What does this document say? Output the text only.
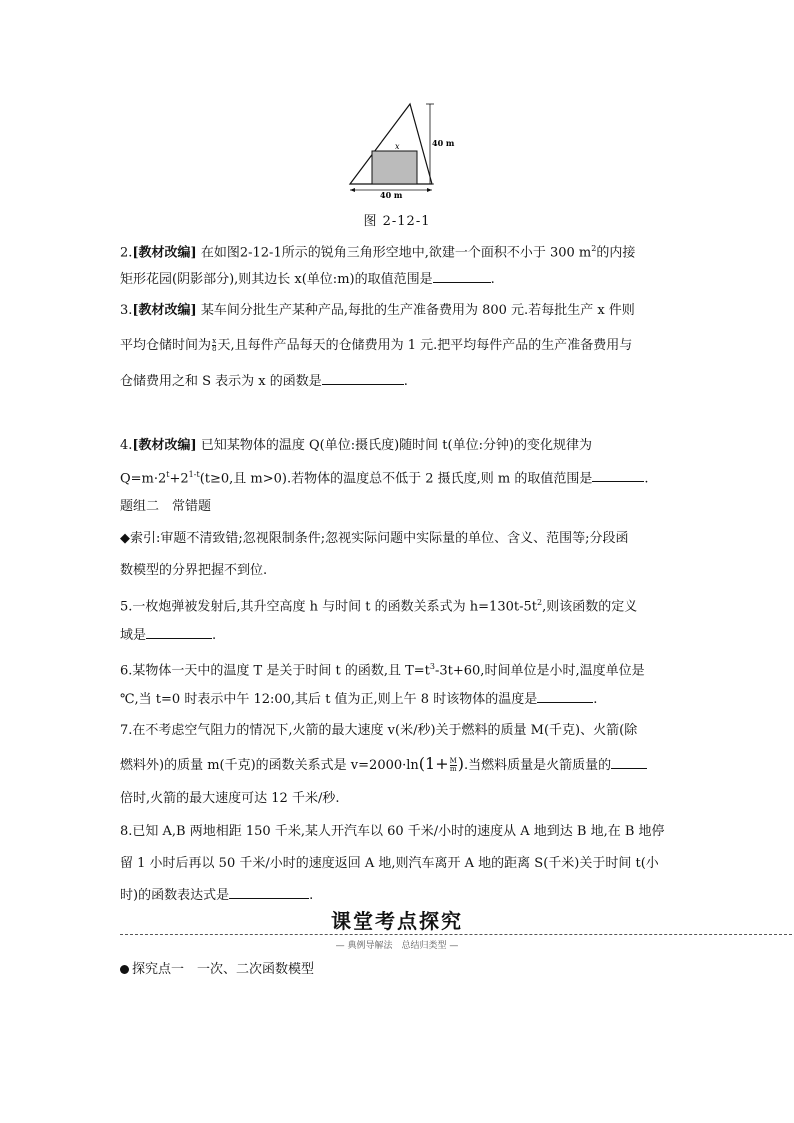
40 m
x
40 m
图 2-12-1
2.[教材改编] 在如图2-12-1所示的锐角三角形空地中,欲建一个面积不小于 300 $m^2$的内接
矩形花园(阴影部分),则其边长 x(单位:m)的取值范围是	.
3.[教材改编] 某车间分批生产某种产品,每批的生产准备费用为 800 元.若每批生产 x 件则
平均仓储时间为 $\frac{x}{8}$ 天,且每件产品每天的仓储费用为 1 元.把平均每件产品的生产准备费用与
仓储费用之和 S 表示为 x 的函数是	.
4.[教材改编] 已知某物体的温度 Q(单位:摄氏度)随时间 t(单位:分钟)的变化规律为
$Q=m\cdot 2^t+2^{1-t}(t\ge 0$,且 m>0).若物体的温度总不低于 2 摄氏度,则 m 的取值范围是	.
题组二　常错题
◆索引:审题不清致错;忽视限制条件;忽视实际问题中实际量的单位、含义、范围等;分段函
数模型的分界把握不到位.
5.一枚炮弹被发射后,其升空高度 h 与时间 t 的函数关系式为 $h=130t-5t^2$,则该函数的定义
域是	.
6.某物体一天中的温度 T 是关于时间 t 的函数,且 $T=t^3-3t+60$,时间单位是小时,温度单位是
℃,当 t=0 时表示中午 12:00,其后 t 值为正,则上午 8 时该物体的温度是	.
7.在不考虑空气阻力的情况下,火箭的最大速度 v(米/秒)关于燃料的质量 M(千克)、火箭(除
燃料外)的质量 m(千克)的函数关系式是 $v=2000\cdot\ln(1+ \frac{M}{m}$ ).当燃料质量是火箭质量的
倍时,火箭的最大速度可达 12 千米/秒.
8.已知 A,B 两地相距 150 千米,某人开汽车以 60 千米/小时的速度从 A 地到达 B 地,在 B 地停
留 1 小时后再以 50 千米/小时的速度返回 A 地,则汽车离开 A 地的距离 S(千米)关于时间 t(小
时)的函数表达式是	.
课堂考点探究
— 典例导解法　总结归类型 —
探究点一　一次、二次函数模型
